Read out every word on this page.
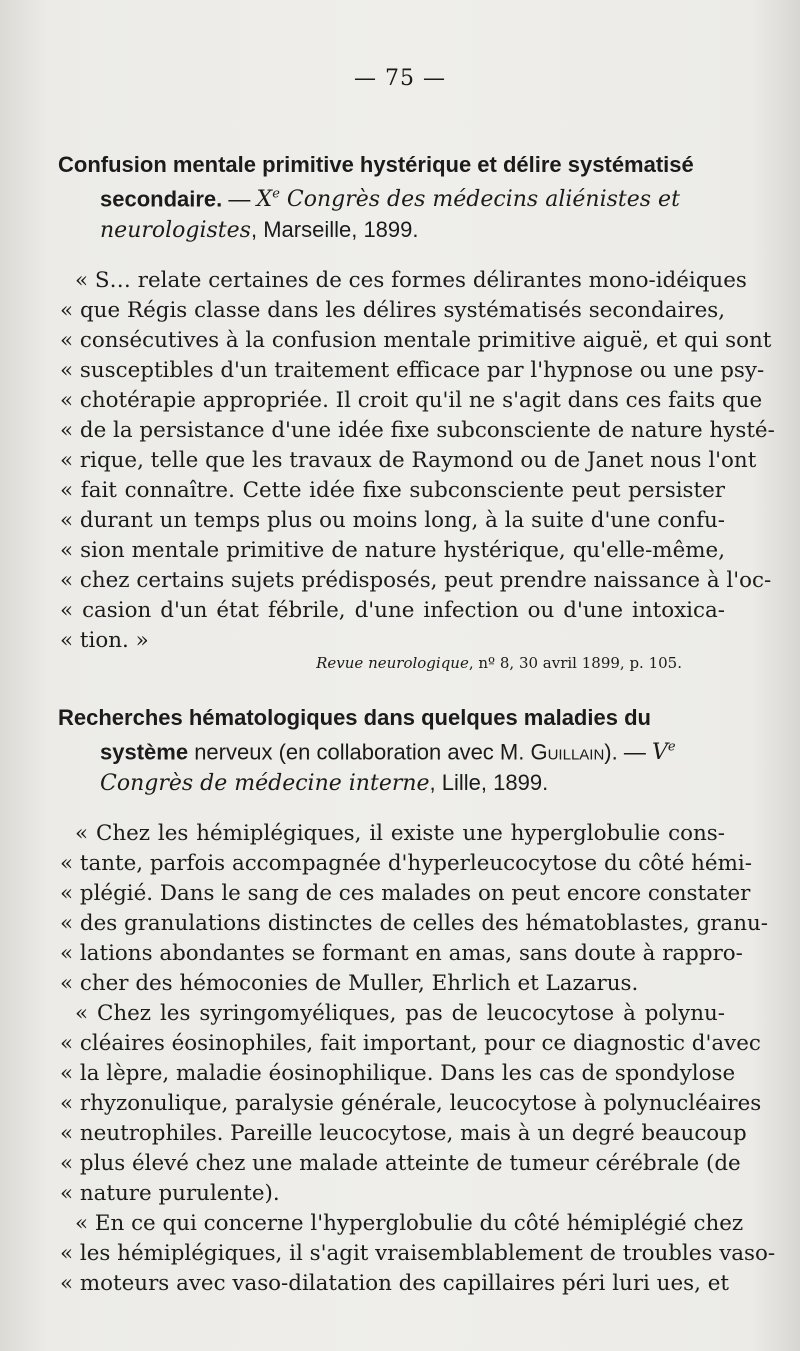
— 75 —

Confusion mentale primitive hystérique et délire systématisé secondaire. — Xe Congrès des médecins aliénistes et neurologistes, Marseille, 1899.

« S… relate certaines de ces formes délirantes mono-idéiques
« que Régis classe dans les délires systématisés secondaires,
« consécutives à la confusion mentale primitive aiguë, et qui sont
« susceptibles d'un traitement efficace par l'hypnose ou une psy-
« chotérapie appropriée. Il croit qu'il ne s'agit dans ces faits que
« de la persistance d'une idée fixe subconsciente de nature hysté-
« rique, telle que les travaux de Raymond ou de Janet nous l'ont
« fait connaître. Cette idée fixe subconsciente peut persister
« durant un temps plus ou moins long, à la suite d'une confu-
« sion mentale primitive de nature hystérique, qu'elle-même,
« chez certains sujets prédisposés, peut prendre naissance à l'oc-
« casion d'un état fébrile, d'une infection ou d'une intoxica-
« tion. »
Revue neurologique, nº 8, 30 avril 1899, p. 105.

Recherches hématologiques dans quelques maladies du système nerveux (en collaboration avec M. Guillain). — Ve Congrès de médecine interne, Lille, 1899.

« Chez les hémiplégiques, il existe une hyperglobulie cons-
« tante, parfois accompagnée d'hyperleucocytose du côté hémi-
« plégié. Dans le sang de ces malades on peut encore constater
« des granulations distinctes de celles des hématoblastes, granu-
« lations abondantes se formant en amas, sans doute à rappro-
« cher des hémoconies de Muller, Ehrlich et Lazarus.
« Chez les syringomyéliques, pas de leucocytose à polynu-
« cléaires éosinophiles, fait important, pour ce diagnostic d'avec
« la lèpre, maladie éosinophilique. Dans les cas de spondylose
« rhyzonulique, paralysie générale, leucocytose à polynucléaires
« neutrophiles. Pareille leucocytose, mais à un degré beaucoup
« plus élevé chez une malade atteinte de tumeur cérébrale (de
« nature purulente).
« En ce qui concerne l'hyperglobulie du côté hémiplégié chez
« les hémiplégiques, il s'agit vraisemblablement de troubles vaso-
« moteurs avec vaso-dilatation des capillaires péri luri ues, et
